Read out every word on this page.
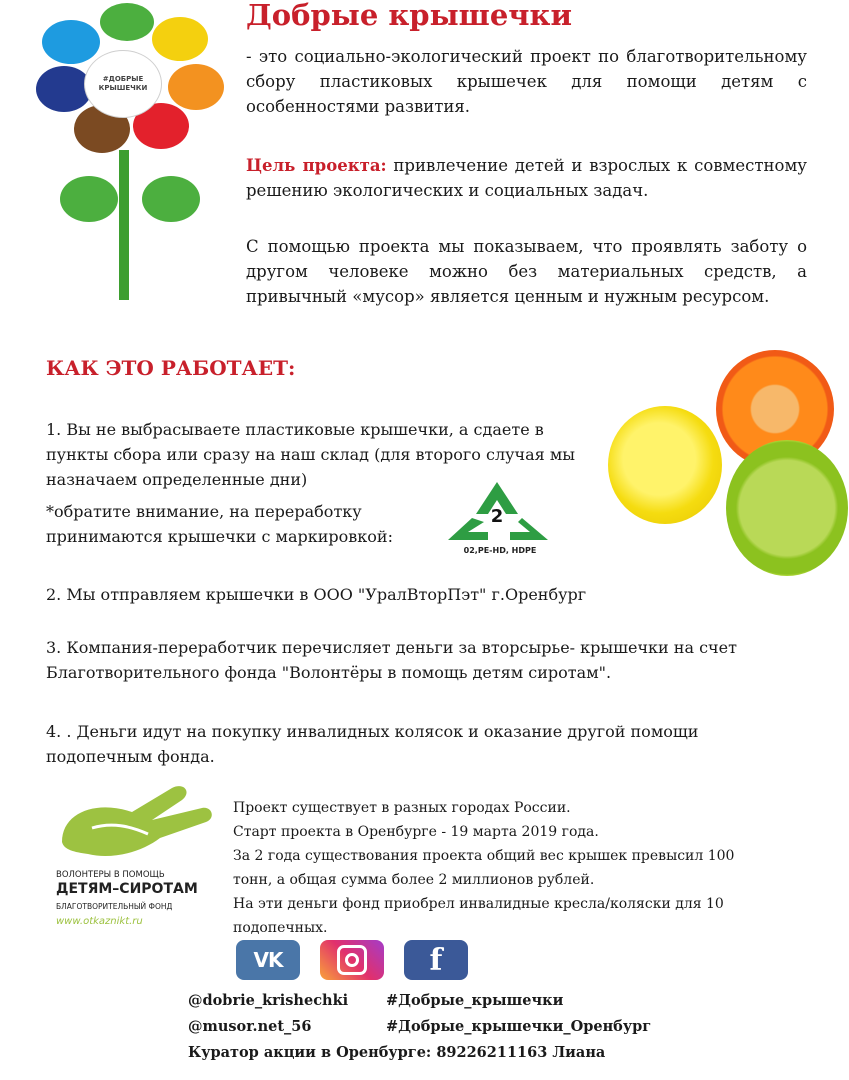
#ДОБРЫЕ КРЫШЕЧКИ
Добрые крышечки

- это социально-экологический проект по благотворительному сбору пластиковых крышечек для помощи детям с особенностями развития.

Цель проекта: привлечение детей и взрослых к совместному решению экологических и социальных задач.

С помощью проекта мы показываем, что проявлять заботу о другом человеке можно без материальных средств, а привычный «мусор» является ценным и нужным ресурсом.

КАК ЭТО РАБОТАЕТ:

1. Вы не выбрасываете пластиковые крышечки, а сдаете в пункты сбора или сразу на наш склад (для второго случая мы назначаем определенные дни)

*обратите внимание, на переработку принимаются крышечки с маркировкой:

2
02,PE-HD, HDPE

2. Мы отправляем крышечки в ООО "УралВторПэт" г.Оренбург

3. Компания-переработчик перечисляет деньги за вторсырье- крышечки на счет Благотворительного фонда "Волонтёры в помощь детям сиротам".

4. . Деньги идут на покупку инвалидных колясок и оказание другой помощи подопечным фонда.

ВОЛОНТЕРЫ В ПОМОЩЬ
ДЕТЯМ–СИРОТАМ
БЛАГОТВОРИТЕЛЬНЫЙ ФОНД
www.otkaznikt.ru
Проект существует в разных городах России.
Старт проекта в Оренбурге - 19 марта 2019 года.
За 2 года существования проекта общий вес крышек превысил 100 тонн, а общая сумма более 2 миллионов рублей.
На эти деньги фонд приобрел инвалидные кресла/коляски для 10 подопечных.
VK	f
@dobrie_krishechki
@musor.net_56
#Добрые_крышечки
#Добрые_крышечки_Оренбург
Куратор акции в Оренбурге: 89226211163 Лиана
